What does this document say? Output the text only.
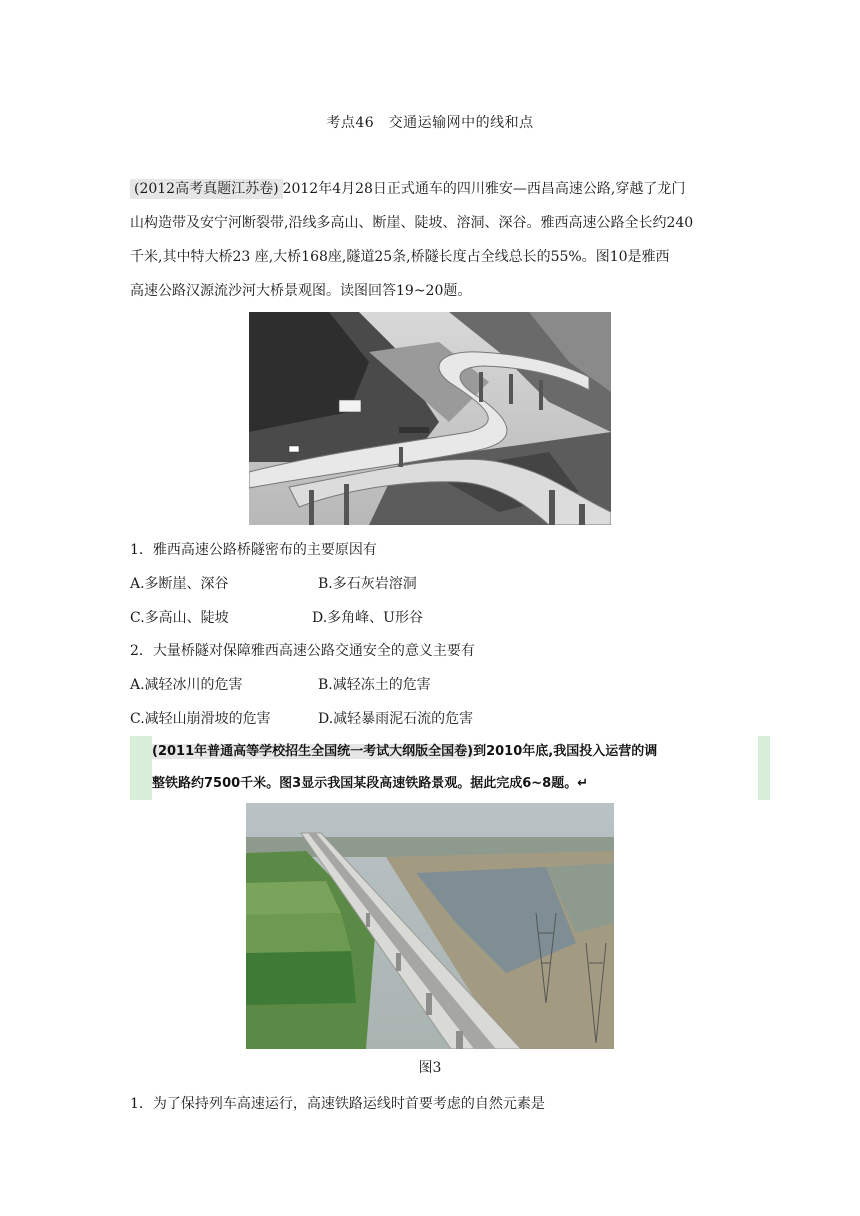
考点46　交通运输网中的线和点
(2012高考真题江苏卷) 2012年4月28日正式通车的四川雅安—西昌高速公路,穿越了龙门
山构造带及安宁河断裂带,沿线多高山、断崖、陡坡、溶洞、深谷。雅西高速公路全长约240
千米,其中特大桥23 座,大桥168座,隧道25条,桥隧长度占全线总长的55%。图10是雅西
高速公路汉源流沙河大桥景观图。读图回答19~20题。
1．雅西高速公路桥隧密布的主要原因有
A.多断崖、深谷	B.多石灰岩溶洞
C.多高山、陡坡	D.多角峰、U形谷
2．大量桥隧对保障雅西高速公路交通安全的意义主要有
A.减轻冰川的危害	B.减轻冻土的危害
C.减轻山崩滑坡的危害	D.减轻暴雨泥石流的危害
(2011年普通高等学校招生全国统一考试大纲版全国卷)到2010年底,我国投入运营的调
整铁路约7500千米。图3显示我国某段高速铁路景观。据此完成6~8题。↵
图3
1．为了保持列车高速运行，高速铁路运线时首要考虑的自然元素是
